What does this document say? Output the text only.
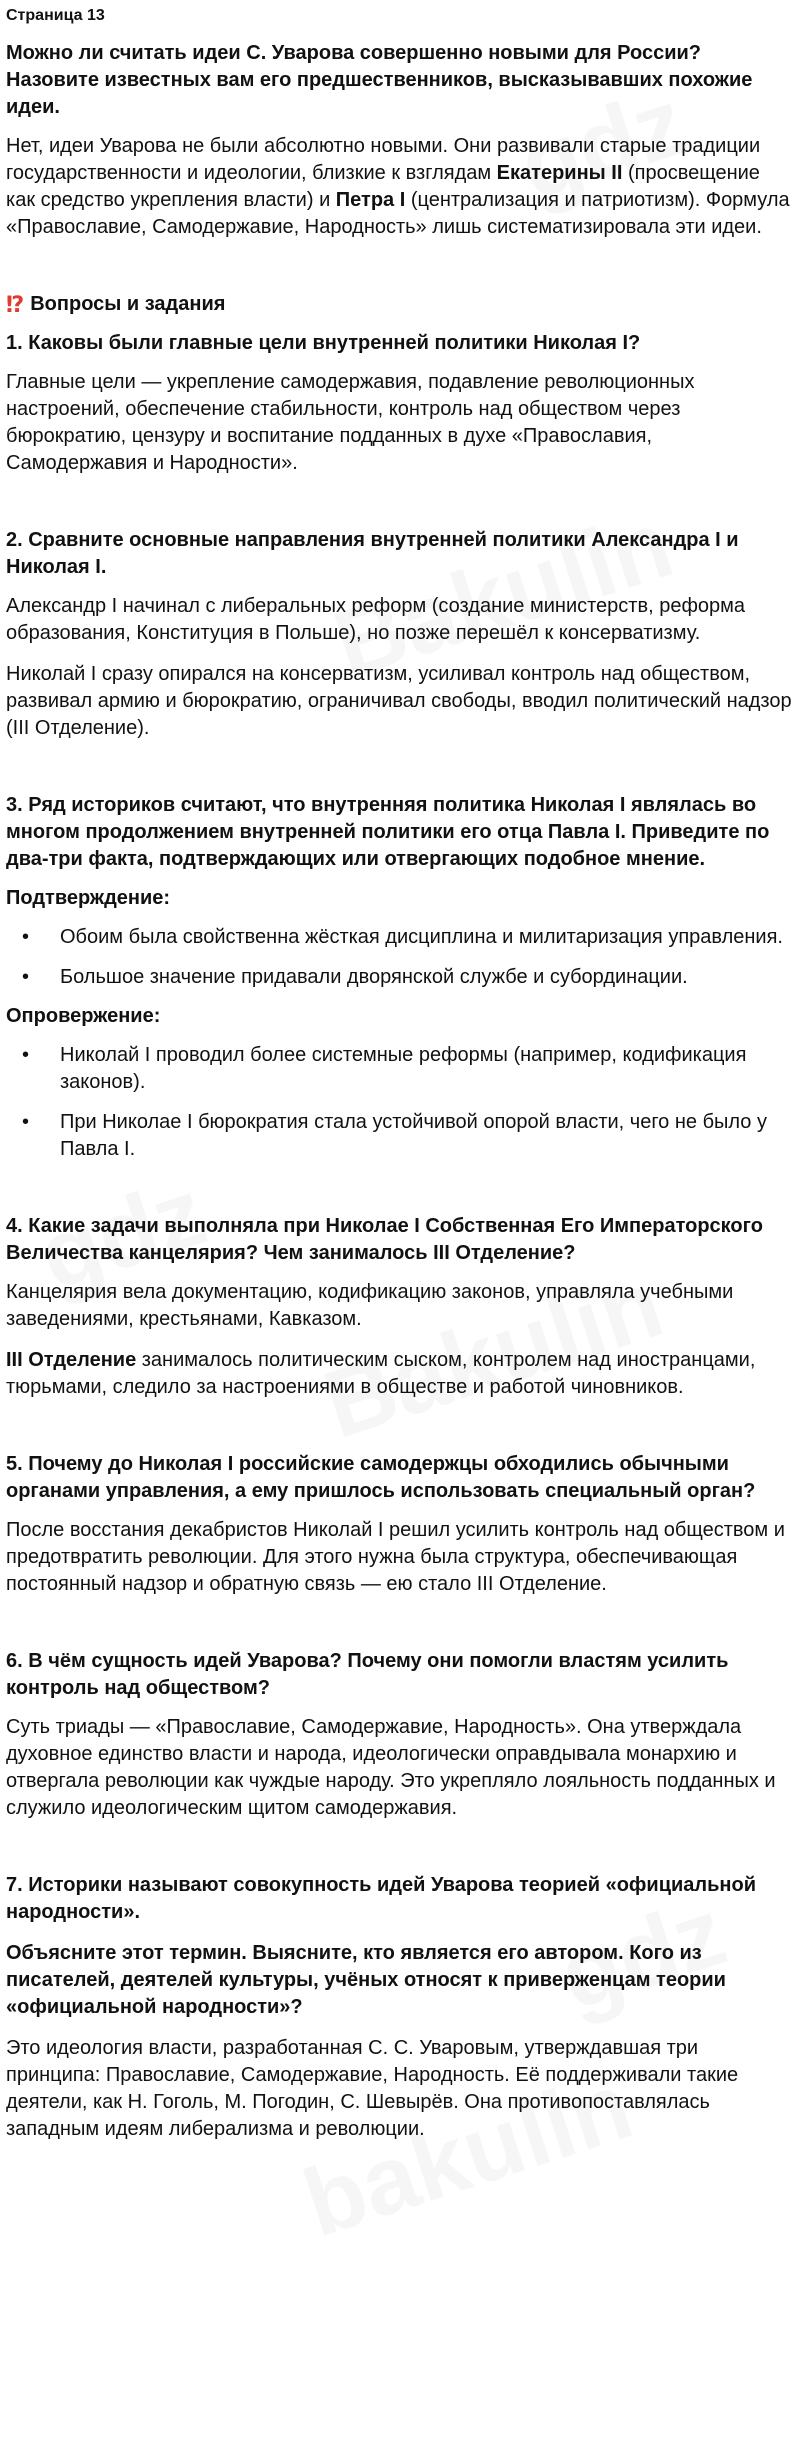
Страница 13

Можно ли считать идеи С. Уварова совершенно новыми для России? Назовите известных вам его предшественников, высказывавших похожие идеи.

Нет, идеи Уварова не были абсолютно новыми. Они развивали старые традиции государственности и идеологии, близкие к взглядам Екатерины II (просвещение как средство укрепления власти) и Петра I (централизация и патриотизм). Формула «Православие, Самодержавие, Народность» лишь систематизировала эти идеи.

⁉ Вопросы и задания

1. Каковы были главные цели внутренней политики Николая I?

Главные цели — укрепление самодержавия, подавление революционных настроений, обеспечение стабильности, контроль над обществом через бюрократию, цензуру и воспитание подданных в духе «Православия, Самодержавия и Народности».

2. Сравните основные направления внутренней политики Александра I и Николая I.

Александр I начинал с либеральных реформ (создание министерств, реформа образования, Конституция в Польше), но позже перешёл к консерватизму.

Николай I сразу опирался на консерватизм, усиливал контроль над обществом, развивал армию и бюрократию, ограничивал свободы, вводил политический надзор (III Отделение).

3. Ряд историков считают, что внутренняя политика Николая I являлась во многом продолжением внутренней политики его отца Павла I. Приведите по два-три факта, подтверждающих или отвергающих подобное мнение.

Подтверждение:

• Обоим была свойственна жёсткая дисциплина и милитаризация управления.
• Большое значение придавали дворянской службе и субординации.

Опровержение:

• Николай I проводил более системные реформы (например, кодификация законов).
• При Николае I бюрократия стала устойчивой опорой власти, чего не было у Павла I.

4. Какие задачи выполняла при Николае I Собственная Его Императорского Величества канцелярия? Чем занималось III Отделение?

Канцелярия вела документацию, кодификацию законов, управляла учебными заведениями, крестьянами, Кавказом.

III Отделение занималось политическим сыском, контролем над иностранцами, тюрьмами, следило за настроениями в обществе и работой чиновников.

5. Почему до Николая I российские самодержцы обходились обычными органами управления, а ему пришлось использовать специальный орган?

После восстания декабристов Николай I решил усилить контроль над обществом и предотвратить революции. Для этого нужна была структура, обеспечивающая постоянный надзор и обратную связь — ею стало III Отделение.

6. В чём сущность идей Уварова? Почему они помогли властям усилить контроль над обществом?

Суть триады — «Православие, Самодержавие, Народность». Она утверждала духовное единство власти и народа, идеологически оправдывала монархию и отвергала революции как чуждые народу. Это укрепляло лояльность подданных и служило идеологическим щитом самодержавия.

7. Историки называют совокупность идей Уварова теорией «официальной народности».

Объясните этот термин. Выясните, кто является его автором. Кого из писателей, деятелей культуры, учёных относят к приверженцам теории «официальной народности»?

Это идеология власти, разработанная С. С. Уваровым, утверждавшая три принципа: Православие, Самодержавие, Народность. Её поддерживали такие деятели, как Н. Гоголь, М. Погодин, С. Шевырёв. Она противопоставлялась западным идеям либерализма и революции.
